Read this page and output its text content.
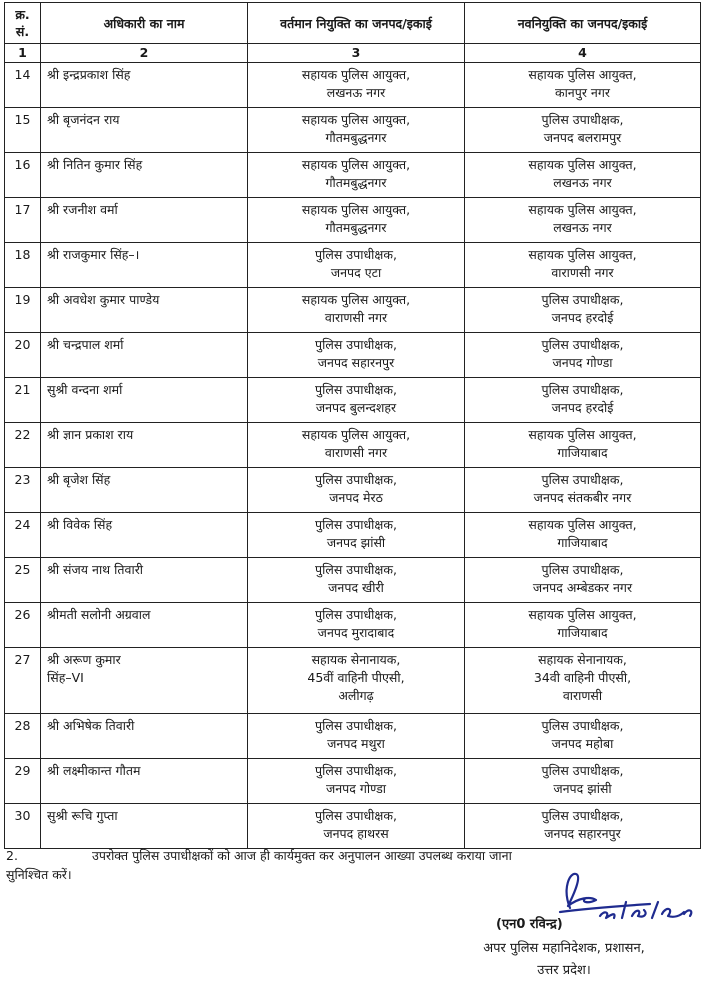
क्र. सं.	अधिकारी का नाम	वर्तमान नियुक्ति का जनपद/इकाई	नवनियुक्ति का जनपद/इकाई
1	2	3	4
14	श्री इन्द्रप्रकाश सिंह	सहायक पुलिस आयुक्त,
लखनऊ नगर	सहायक पुलिस आयुक्त,
कानपुर नगर

15	श्री बृजनंदन राय	सहायक पुलिस आयुक्त,
गौतमबुद्धनगर	पुलिस उपाधीक्षक,
जनपद बलरामपुर

16	श्री नितिन कुमार सिंह	सहायक पुलिस आयुक्त,
गौतमबुद्धनगर	सहायक पुलिस आयुक्त,
लखनऊ नगर

17	श्री रजनीश वर्मा	सहायक पुलिस आयुक्त,
गौतमबुद्धनगर	सहायक पुलिस आयुक्त,
लखनऊ नगर

18	श्री राजकुमार सिंह–।	पुलिस उपाधीक्षक,
जनपद एटा	सहायक पुलिस आयुक्त,
वाराणसी नगर

19	श्री अवधेश कुमार पाण्डेय	सहायक पुलिस आयुक्त,
वाराणसी नगर	पुलिस उपाधीक्षक,
जनपद हरदोई

20	श्री चन्द्रपाल शर्मा	पुलिस उपाधीक्षक,
जनपद सहारनपुर	पुलिस उपाधीक्षक,
जनपद गोण्डा

21	सुश्री वन्दना शर्मा	पुलिस उपाधीक्षक,
जनपद बुलन्दशहर	पुलिस उपाधीक्षक,
जनपद हरदोई

22	श्री ज्ञान प्रकाश राय	सहायक पुलिस आयुक्त,
वाराणसी नगर	सहायक पुलिस आयुक्त,
गाजियाबाद

23	श्री बृजेश सिंह	पुलिस उपाधीक्षक,
जनपद मेरठ	पुलिस उपाधीक्षक,
जनपद संतकबीर नगर

24	श्री विवेक सिंह	पुलिस उपाधीक्षक,
जनपद झांसी	सहायक पुलिस आयुक्त,
गाजियाबाद

25	श्री संजय नाथ तिवारी	पुलिस उपाधीक्षक,
जनपद खीरी	पुलिस उपाधीक्षक,
जनपद अम्बेडकर नगर

26	श्रीमती सलोनी अग्रवाल	पुलिस उपाधीक्षक,
जनपद मुरादाबाद	सहायक पुलिस आयुक्त,
गाजियाबाद

27	श्री अरूण कुमार
सिंह–VI	सहायक सेनानायक,
45वीं वाहिनी पीएसी,
अलीगढ़	सहायक सेनानायक,
34वी वाहिनी पीएसी,
वाराणसी

28	श्री अभिषेक तिवारी	पुलिस उपाधीक्षक,
जनपद मथुरा	पुलिस उपाधीक्षक,
जनपद महोबा

29	श्री लक्ष्मीकान्त गौतम	पुलिस उपाधीक्षक,
जनपद गोण्डा	पुलिस उपाधीक्षक,
जनपद झांसी

30	सुश्री रूचि गुप्ता	पुलिस उपाधीक्षक,
जनपद हाथरस	पुलिस उपाधीक्षक,
जनपद सहारनपुर
2.	उपरोक्त पुलिस उपाधीक्षकों को आज ही कार्यमुक्त कर अनुपालन आख्या उपलब्ध कराया जाना
सुनिश्चित करें।
(एन0 रविन्द्र)
अपर पुलिस महानिदेशक, प्रशासन,
उत्तर प्रदेश।
